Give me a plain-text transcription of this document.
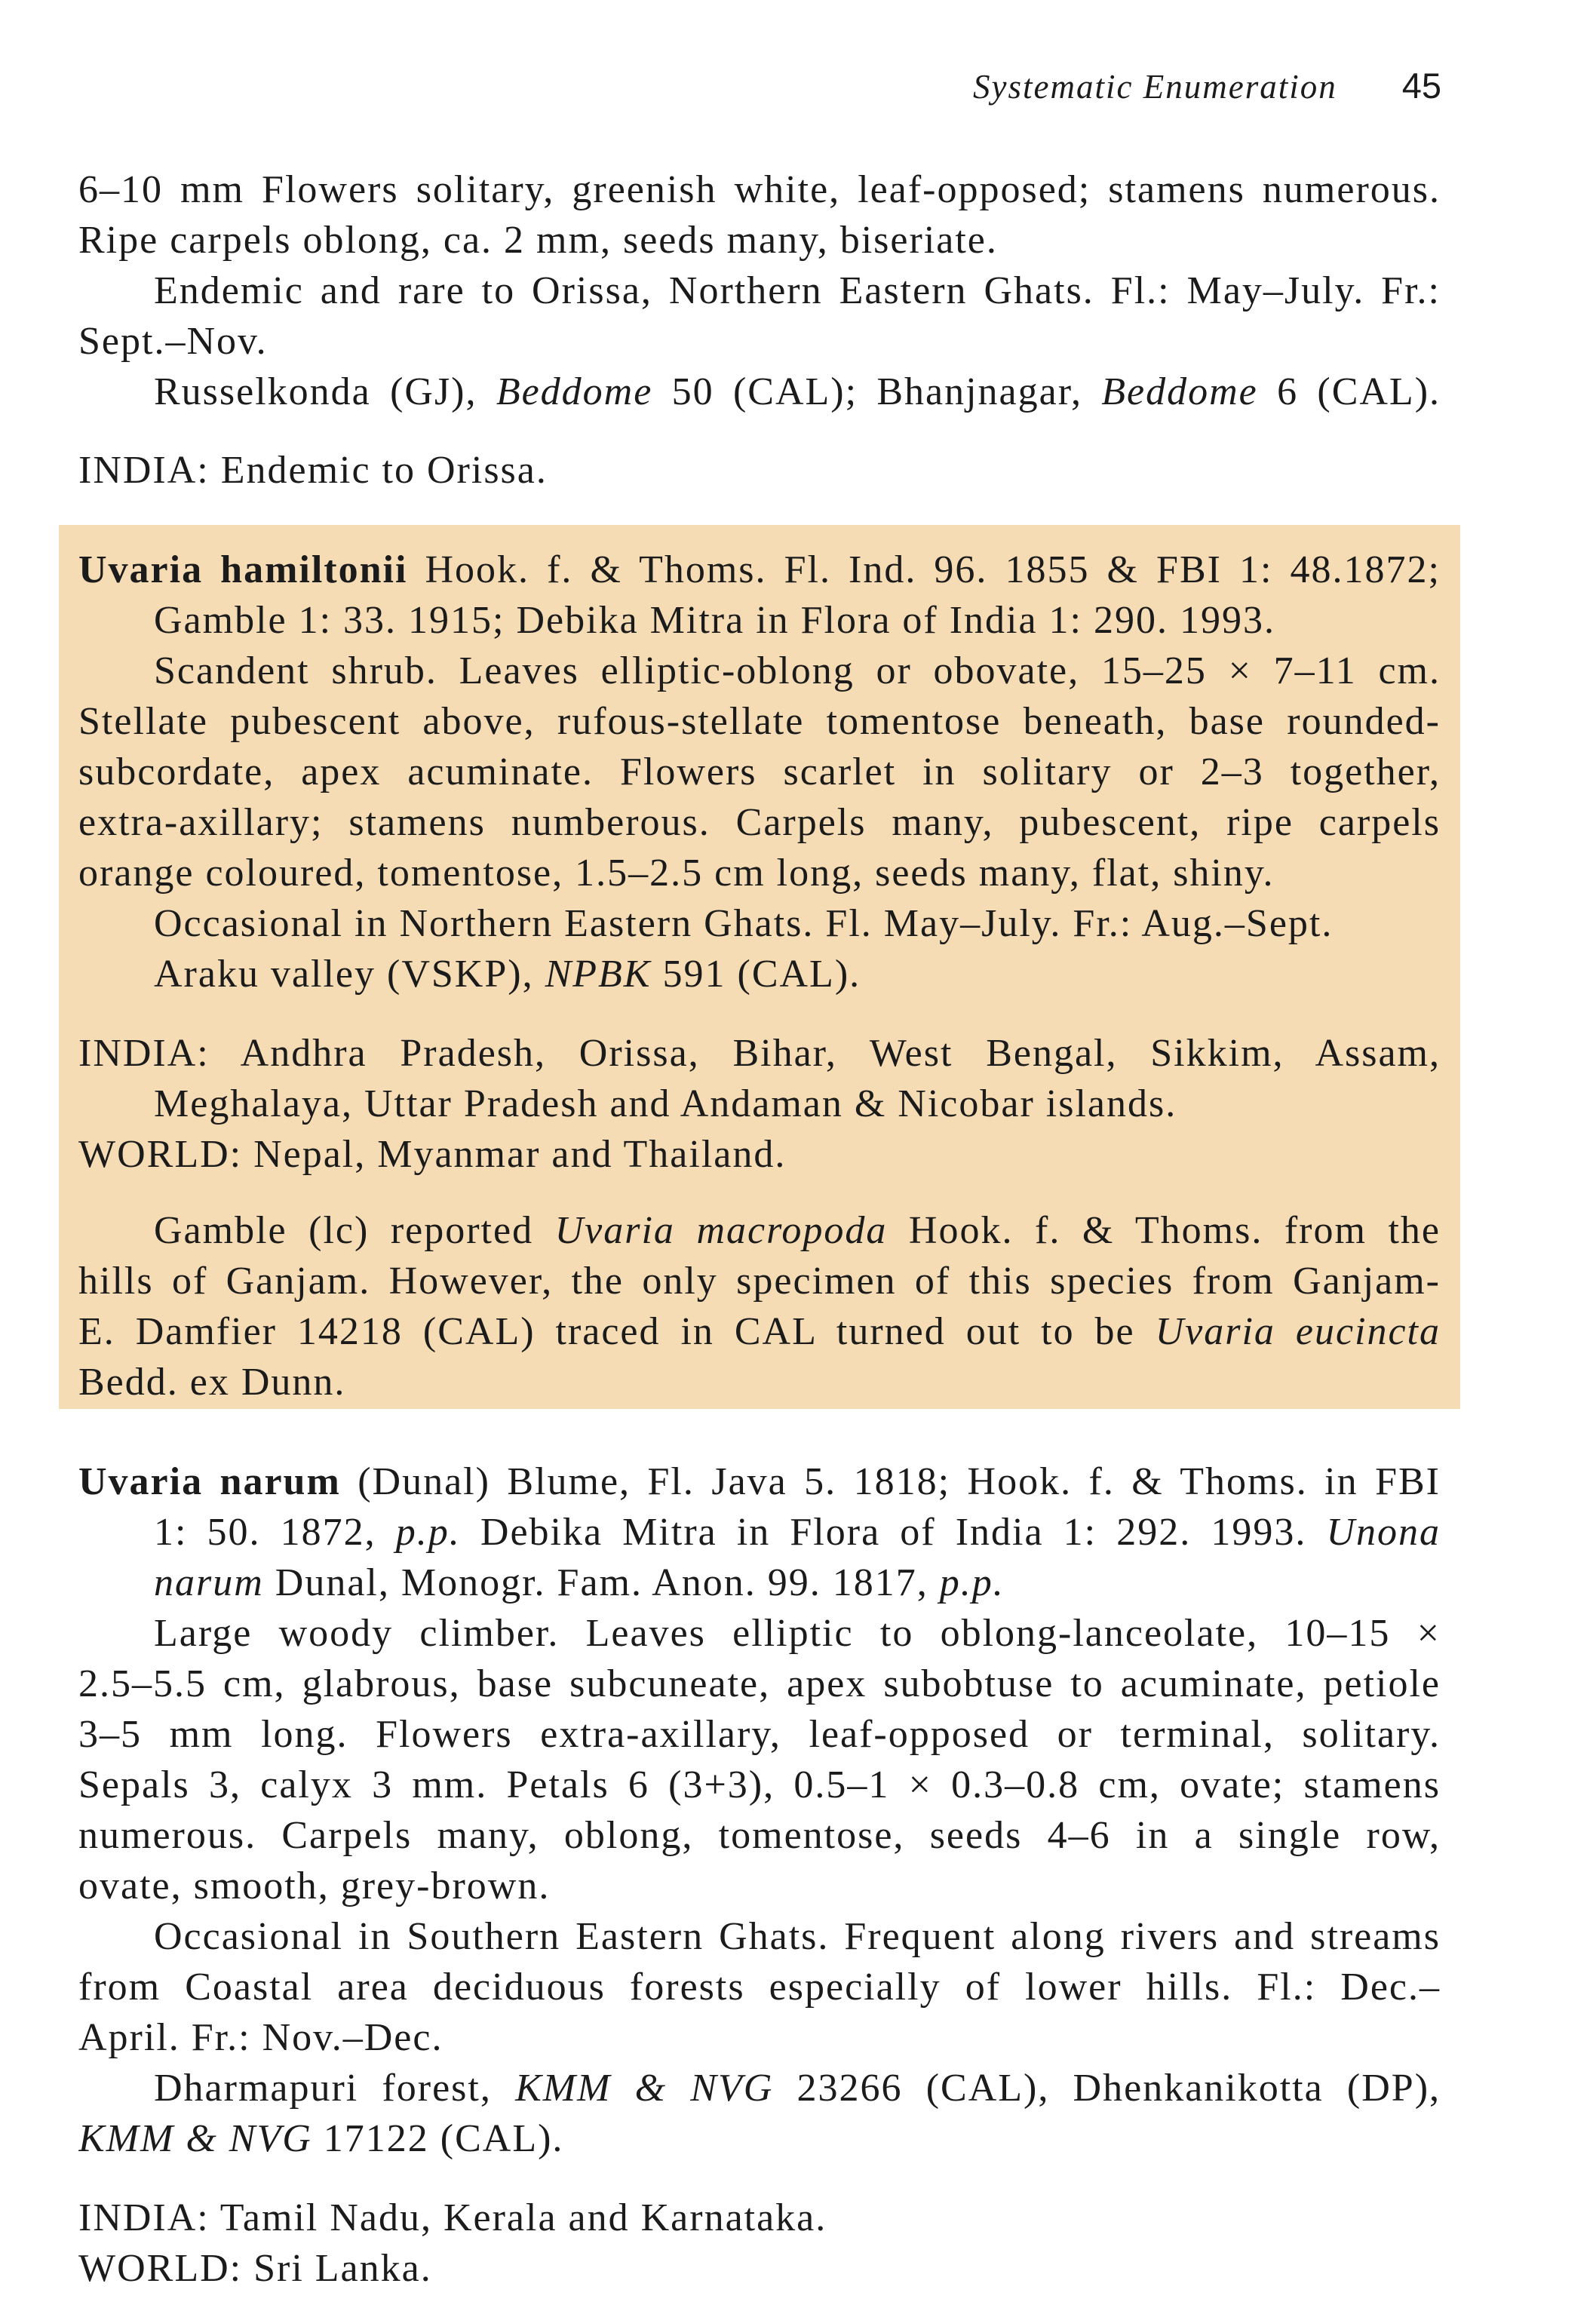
Systematic Enumeration 45
6–10 mm Flowers solitary, greenish white, leaf-opposed; stamens numerous.
Ripe carpels oblong, ca. 2 mm, seeds many, biseriate.
Endemic and rare to Orissa, Northern Eastern Ghats. Fl.: May–July. Fr.:
Sept.–Nov.
Russelkonda (GJ), Beddome 50 (CAL); Bhanjnagar, Beddome 6 (CAL).
INDIA: Endemic to Orissa.
Uvaria hamiltonii Hook. f. & Thoms. Fl. Ind. 96. 1855 & FBI 1: 48.1872;
Gamble 1: 33. 1915; Debika Mitra in Flora of India 1: 290. 1993.
Scandent shrub. Leaves elliptic-oblong or obovate, 15–25 × 7–11 cm.
Stellate pubescent above, rufous-stellate tomentose beneath, base rounded-
subcordate, apex acuminate. Flowers scarlet in solitary or 2–3 together,
extra-axillary; stamens numberous. Carpels many, pubescent, ripe carpels
orange coloured, tomentose, 1.5–2.5 cm long, seeds many, flat, shiny.
Occasional in Northern Eastern Ghats. Fl. May–July. Fr.: Aug.–Sept.
Araku valley (VSKP), NPBK 591 (CAL).
INDIA: Andhra Pradesh, Orissa, Bihar, West Bengal, Sikkim, Assam,
Meghalaya, Uttar Pradesh and Andaman & Nicobar islands.
WORLD: Nepal, Myanmar and Thailand.
Gamble (lc) reported Uvaria macropoda Hook. f. & Thoms. from the
hills of Ganjam. However, the only specimen of this species from Ganjam-
E. Damfier 14218 (CAL) traced in CAL turned out to be Uvaria eucincta
Bedd. ex Dunn.
Uvaria narum (Dunal) Blume, Fl. Java 5. 1818; Hook. f. & Thoms. in FBI
1: 50. 1872, p.p. Debika Mitra in Flora of India 1: 292. 1993. Unona
narum Dunal, Monogr. Fam. Anon. 99. 1817, p.p.
Large woody climber. Leaves elliptic to oblong-lanceolate, 10–15 ×
2.5–5.5 cm, glabrous, base subcuneate, apex subobtuse to acuminate, petiole
3–5 mm long. Flowers extra-axillary, leaf-opposed or terminal, solitary.
Sepals 3, calyx 3 mm. Petals 6 (3+3), 0.5–1 × 0.3–0.8 cm, ovate; stamens
numerous. Carpels many, oblong, tomentose, seeds 4–6 in a single row,
ovate, smooth, grey-brown.
Occasional in Southern Eastern Ghats. Frequent along rivers and streams
from Coastal area deciduous forests especially of lower hills. Fl.: Dec.–
April. Fr.: Nov.–Dec.
Dharmapuri forest, KMM & NVG 23266 (CAL), Dhenkanikotta (DP),
KMM & NVG 17122 (CAL).
INDIA: Tamil Nadu, Kerala and Karnataka.
WORLD: Sri Lanka.
